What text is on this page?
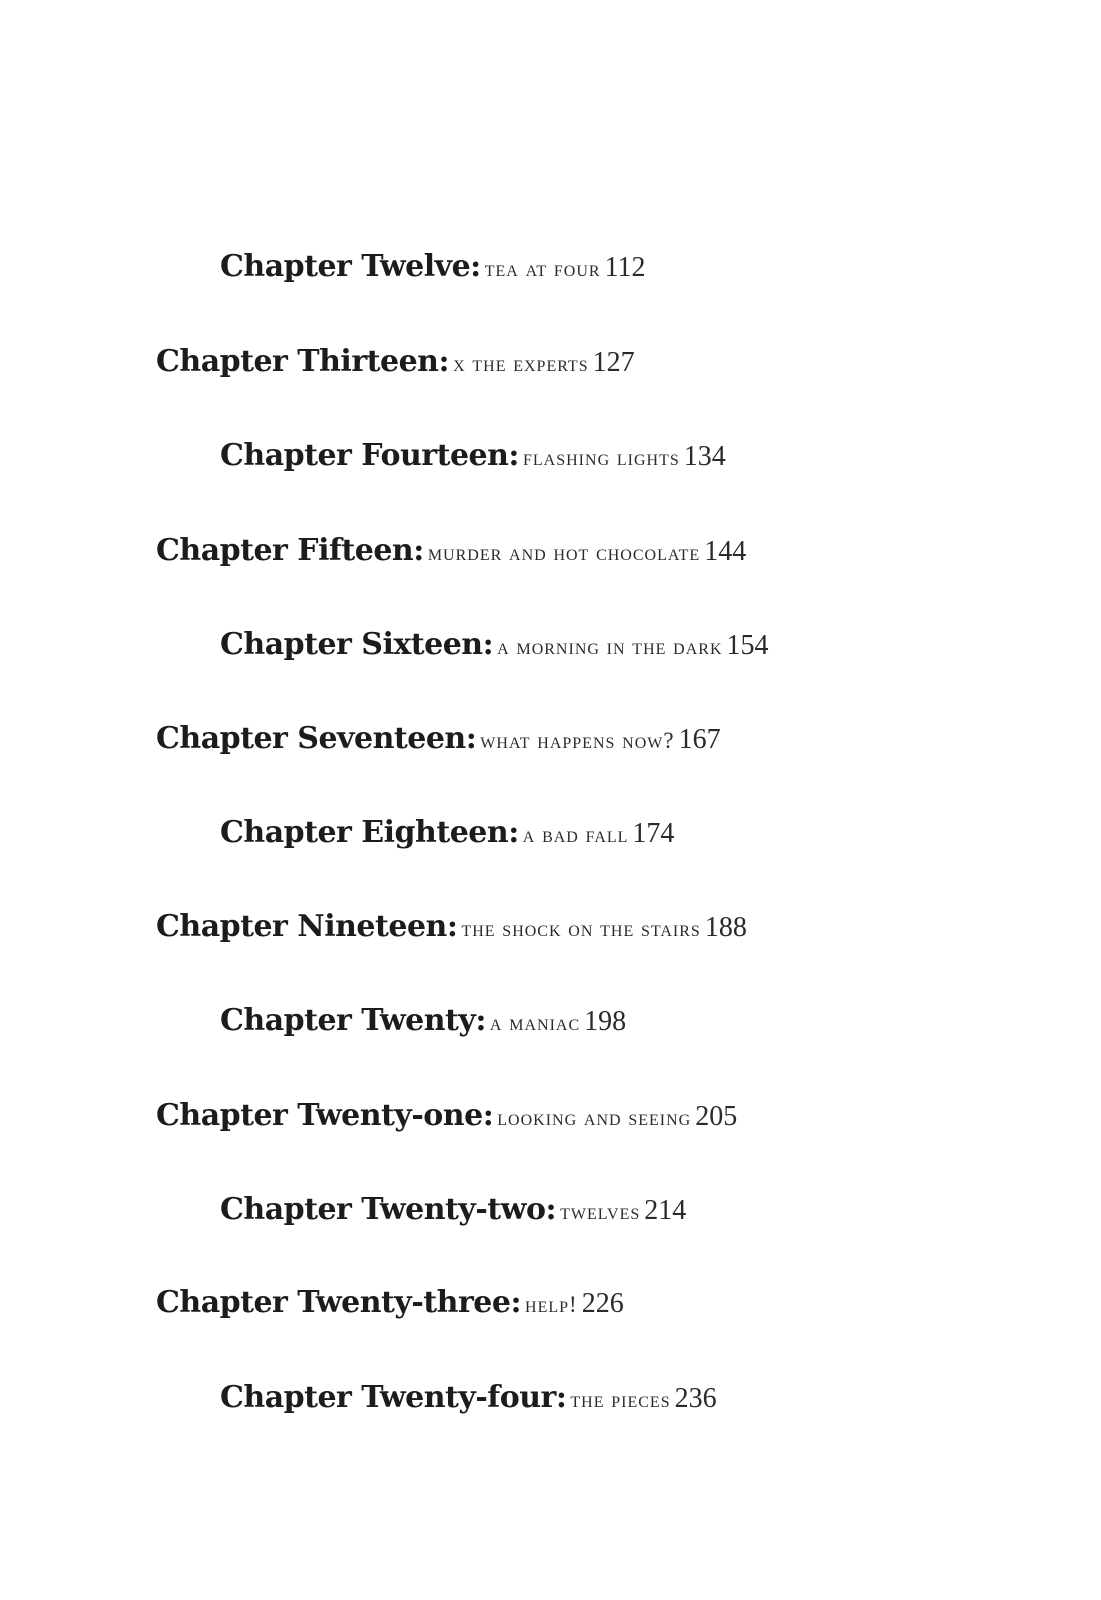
Chapter Twelve: tea at four 112
Chapter Thirteen: x the experts 127
Chapter Fourteen: flashing lights 134
Chapter Fifteen: murder and hot chocolate 144
Chapter Sixteen: a morning in the dark 154
Chapter Seventeen: what happens now? 167
Chapter Eighteen: a bad fall 174
Chapter Nineteen: the shock on the stairs 188
Chapter Twenty: a maniac 198
Chapter Twenty-one: looking and seeing 205
Chapter Twenty-two: twelves 214
Chapter Twenty-three: help! 226
Chapter Twenty-four: the pieces 236
